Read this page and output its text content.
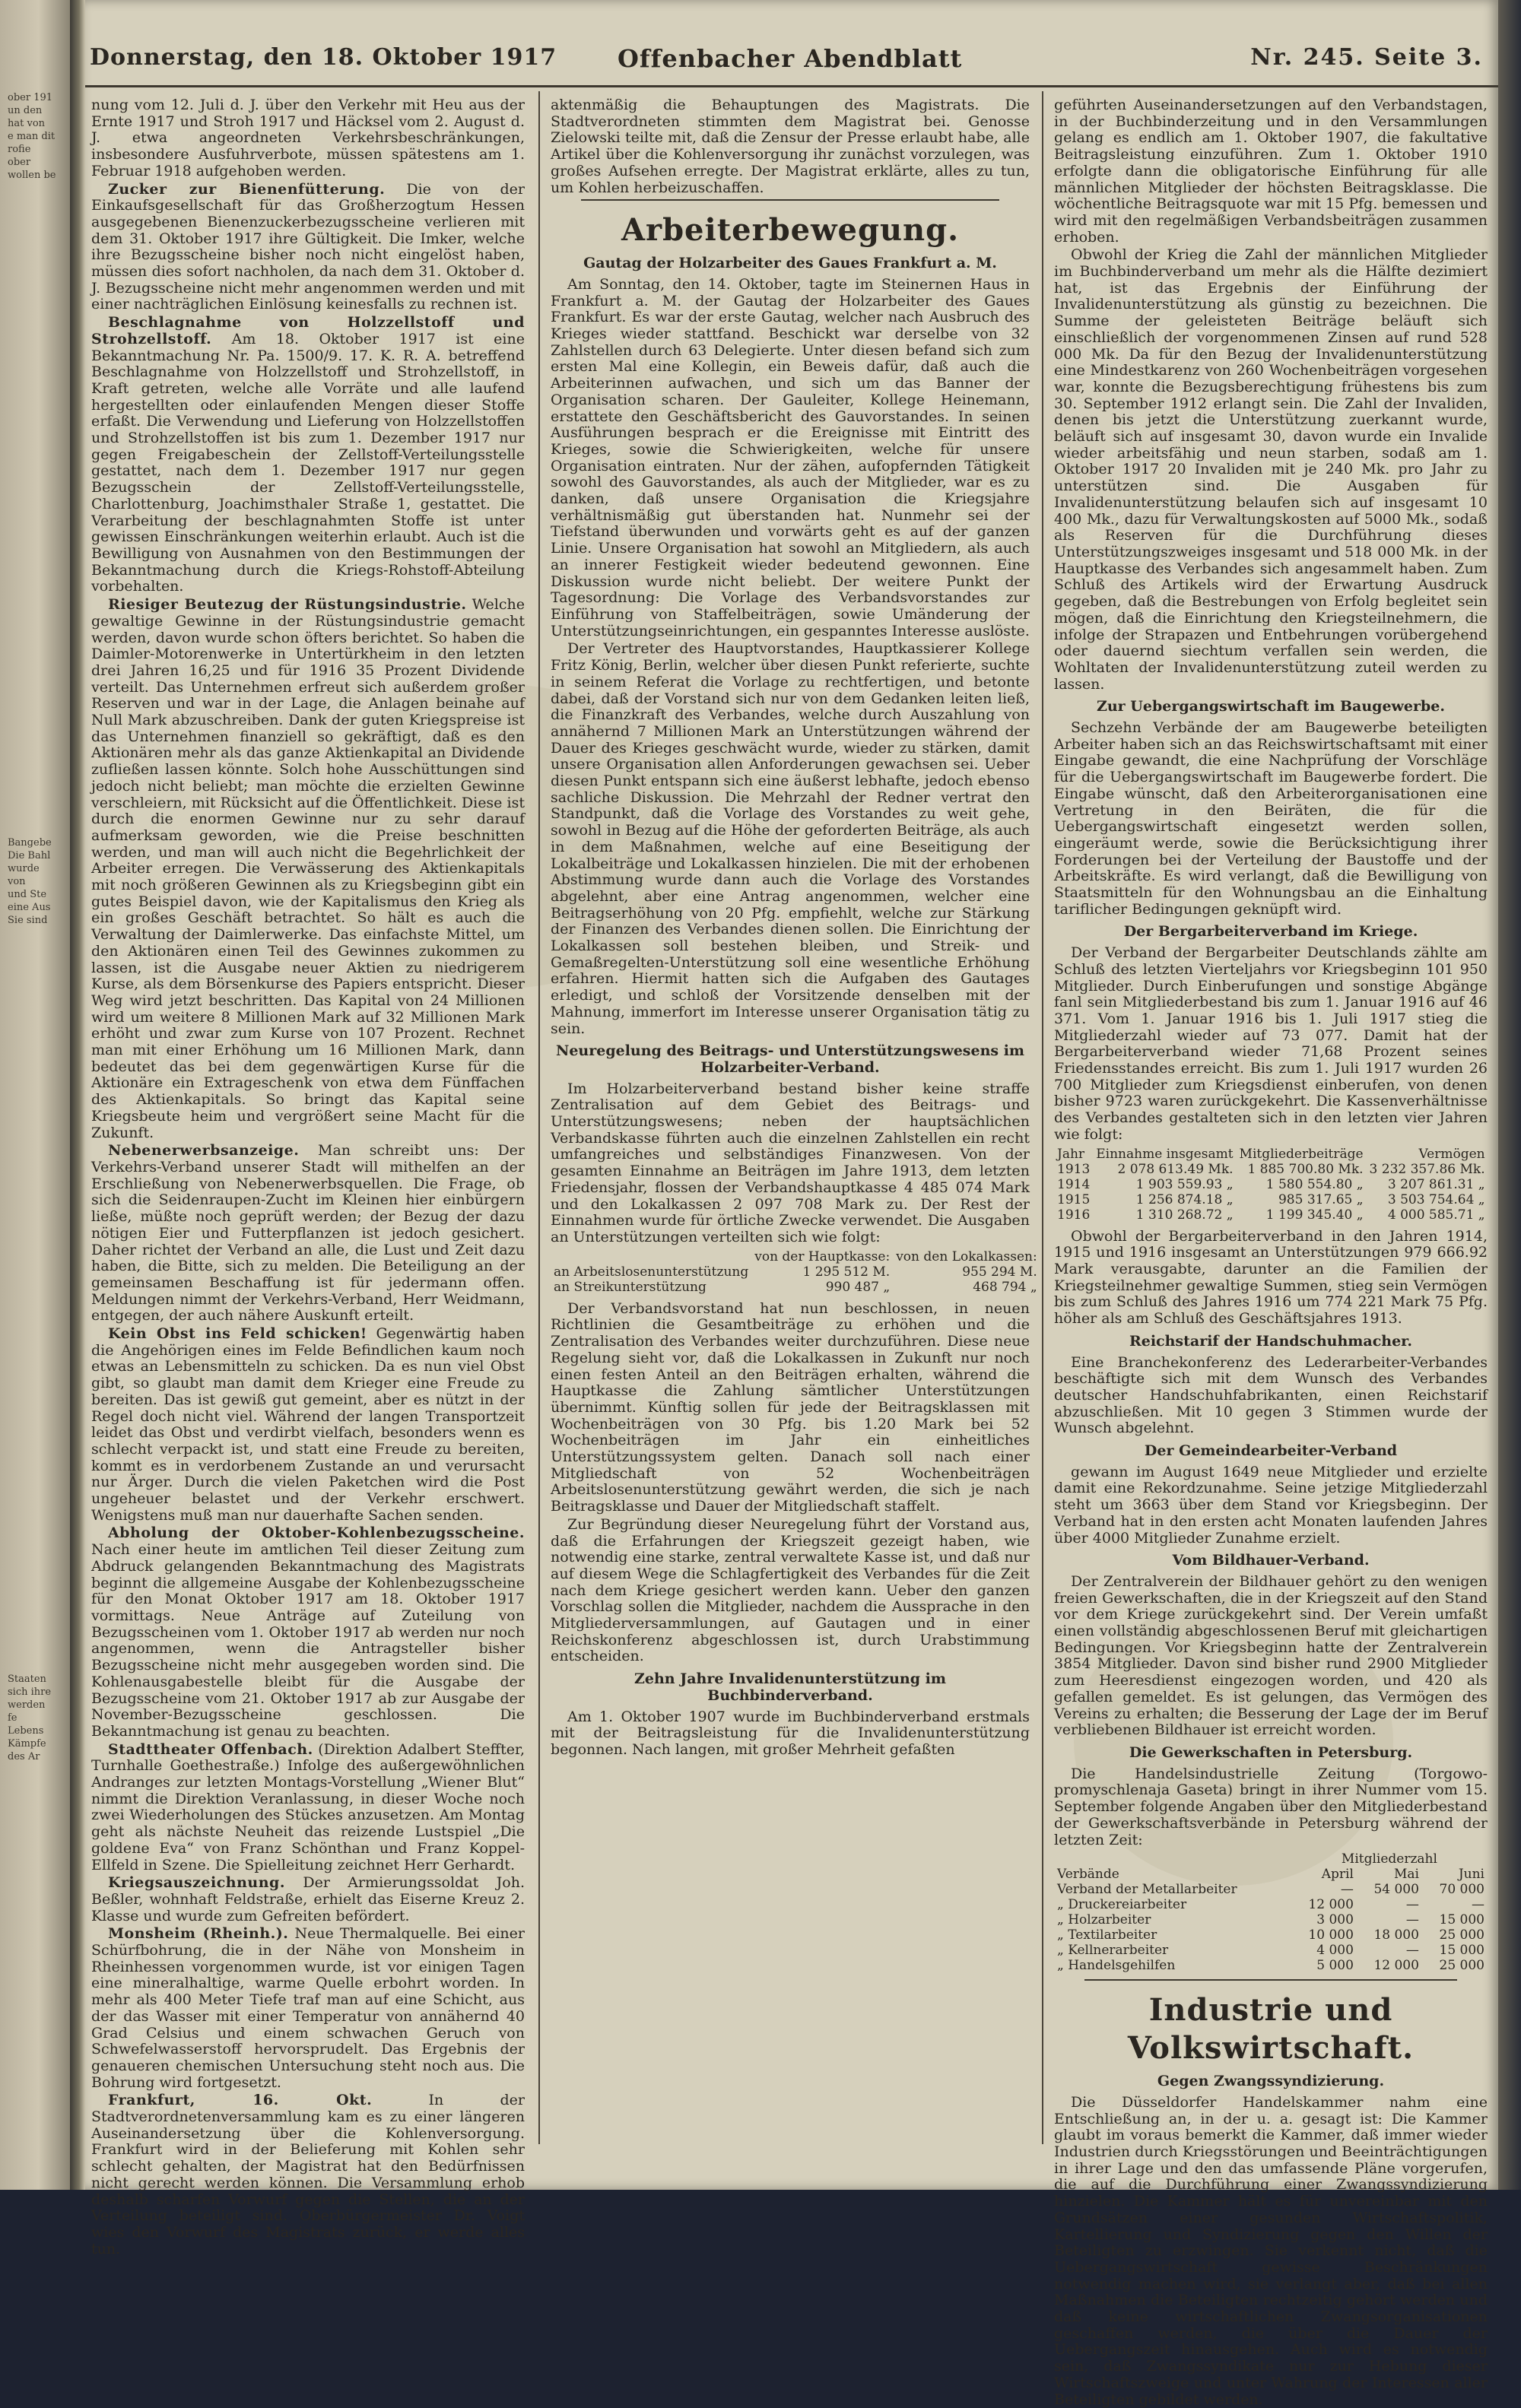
ober 191
un den
hat von
e man dit
rofie ober
wollen be
Bangebe
Die Bahl
wurde von
und Ste
eine Aus
Sie sind
Staaten
sich ihre
werden fe
Lebens
Kämpfe
des Ar
Donnerstag, den 18. Oktober 1917 Offenbacher Abendblatt	Nr. 245. Seite 3.

nung vom 12. Juli d. J. über den Verkehr mit Heu aus der Ernte 1917 und Stroh 1917 und Häcksel vom 2. August d. J. etwa angeordneten Verkehrsbeschränkungen, insbesondere Ausfuhrverbote, müssen spätestens am 1. Februar 1918 aufgehoben werden.

Zucker zur Bienenfütterung. Die von der Einkaufsgesellschaft für das Großherzogtum Hessen ausgegebenen Bienenzuckerbezugsscheine verlieren mit dem 31. Oktober 1917 ihre Gültigkeit. Die Imker, welche ihre Bezugsscheine bisher noch nicht eingelöst haben, müssen dies sofort nachholen, da nach dem 31. Oktober d. J. Bezugsscheine nicht mehr angenommen werden und mit einer nachträglichen Einlösung keinesfalls zu rechnen ist.

Beschlagnahme von Holzzellstoff und Strohzellstoff. Am 18. Oktober 1917 ist eine Bekanntmachung Nr. Pa. 1500/9. 17. K. R. A. betreffend Beschlagnahme von Holzzellstoff und Strohzellstoff, in Kraft getreten, welche alle Vorräte und alle laufend hergestellten oder einlaufenden Mengen dieser Stoffe erfaßt. Die Verwendung und Lieferung von Holzzellstoffen und Strohzellstoffen ist bis zum 1. Dezember 1917 nur gegen Freigabeschein der Zellstoff-Verteilungsstelle gestattet, nach dem 1. Dezember 1917 nur gegen Bezugsschein der Zellstoff-Verteilungsstelle, Charlottenburg, Joachimsthaler Straße 1, gestattet. Die Verarbeitung der beschlagnahmten Stoffe ist unter gewissen Einschränkungen weiterhin erlaubt. Auch ist die Bewilligung von Ausnahmen von den Bestimmungen der Bekanntmachung durch die Kriegs-Rohstoff-Abteilung vorbehalten.

Riesiger Beutezug der Rüstungsindustrie. Welche gewaltige Gewinne in der Rüstungsindustrie gemacht werden, davon wurde schon öfters berichtet. So haben die Daimler-Motorenwerke in Untertürkheim in den letzten drei Jahren 16,25 und für 1916 35 Prozent Dividende verteilt. Das Unternehmen erfreut sich außerdem großer Reserven und war in der Lage, die Anlagen beinahe auf Null Mark abzuschreiben. Dank der guten Kriegspreise ist das Unternehmen finanziell so gekräftigt, daß es den Aktionären mehr als das ganze Aktienkapital an Dividende zufließen lassen könnte. Solch hohe Ausschüttungen sind jedoch nicht beliebt; man möchte die erzielten Gewinne verschleiern, mit Rücksicht auf die Öffentlichkeit. Diese ist durch die enormen Gewinne nur zu sehr darauf aufmerksam geworden, wie die Preise beschnitten werden, und man will auch nicht die Begehrlichkeit der Arbeiter erregen. Die Verwässerung des Aktienkapitals mit noch größeren Gewinnen als zu Kriegsbeginn gibt ein gutes Beispiel davon, wie der Kapitalismus den Krieg als ein großes Geschäft betrachtet. So hält es auch die Verwaltung der Daimlerwerke. Das einfachste Mittel, um den Aktionären einen Teil des Gewinnes zukommen zu lassen, ist die Ausgabe neuer Aktien zu niedrigerem Kurse, als dem Börsenkurse des Papiers entspricht. Dieser Weg wird jetzt beschritten. Das Kapital von 24 Millionen wird um weitere 8 Millionen Mark auf 32 Millionen Mark erhöht und zwar zum Kurse von 107 Prozent. Rechnet man mit einer Erhöhung um 16 Millionen Mark, dann bedeutet das bei dem gegenwärtigen Kurse für die Aktionäre ein Extrageschenk von etwa dem Fünffachen des Aktienkapitals. So bringt das Kapital seine Kriegsbeute heim und vergrößert seine Macht für die Zukunft.

Nebenerwerbsanzeige. Man schreibt uns: Der Verkehrs-Verband unserer Stadt will mithelfen an der Erschließung von Nebenerwerbsquellen. Die Frage, ob sich die Seidenraupen-Zucht im Kleinen hier einbürgern ließe, müßte noch geprüft werden; der Bezug der dazu nötigen Eier und Futterpflanzen ist jedoch gesichert. Daher richtet der Verband an alle, die Lust und Zeit dazu haben, die Bitte, sich zu melden. Die Beteiligung an der gemeinsamen Beschaffung ist für jedermann offen. Meldungen nimmt der Verkehrs-Verband, Herr Weidmann, entgegen, der auch nähere Auskunft erteilt.

Kein Obst ins Feld schicken! Gegenwärtig haben die Angehörigen eines im Felde Befindlichen kaum noch etwas an Lebensmitteln zu schicken. Da es nun viel Obst gibt, so glaubt man damit dem Krieger eine Freude zu bereiten. Das ist gewiß gut gemeint, aber es nützt in der Regel doch nicht viel. Während der langen Transportzeit leidet das Obst und verdirbt vielfach, besonders wenn es schlecht verpackt ist, und statt eine Freude zu bereiten, kommt es in verdorbenem Zustande an und verursacht nur Ärger. Durch die vielen Paketchen wird die Post ungeheuer belastet und der Verkehr erschwert. Wenigstens muß man nur dauerhafte Sachen senden.

Abholung der Oktober-Kohlenbezugsscheine. Nach einer heute im amtlichen Teil dieser Zeitung zum Abdruck gelangenden Bekanntmachung des Magistrats beginnt die allgemeine Ausgabe der Kohlenbezugsscheine für den Monat Oktober 1917 am 18. Oktober 1917 vormittags. Neue Anträge auf Zuteilung von Bezugsscheinen vom 1. Oktober 1917 ab werden nur noch angenommen, wenn die Antragsteller bisher Bezugsscheine nicht mehr ausgegeben worden sind. Die Kohlenausgabestelle bleibt für die Ausgabe der Bezugsscheine vom 21. Oktober 1917 ab zur Ausgabe der November-Bezugsscheine geschlossen. Die Bekanntmachung ist genau zu beachten.

Stadttheater Offenbach. (Direktion Adalbert Steffter, Turnhalle Goethestraße.) Infolge des außergewöhnlichen Andranges zur letzten Montags-Vorstellung „Wiener Blut“ nimmt die Direktion Veranlassung, in dieser Woche noch zwei Wiederholungen des Stückes anzusetzen. Am Montag geht als nächste Neuheit das reizende Lustspiel „Die goldene Eva“ von Franz Schönthan und Franz Koppel-Ellfeld in Szene. Die Spielleitung zeichnet Herr Gerhardt.

Kriegsauszeichnung. Der Armierungssoldat Joh. Beßler, wohnhaft Feldstraße, erhielt das Eiserne Kreuz 2. Klasse und wurde zum Gefreiten befördert.

Monsheim (Rheinh.). Neue Thermalquelle. Bei einer Schürfbohrung, die in der Nähe von Monsheim in Rheinhessen vorgenommen wurde, ist vor einigen Tagen eine mineralhaltige, warme Quelle erbohrt worden. In mehr als 400 Meter Tiefe traf man auf eine Schicht, aus der das Wasser mit einer Temperatur von annähernd 40 Grad Celsius und einem schwachen Geruch von Schwefelwasserstoff hervorsprudelt. Das Ergebnis der genaueren chemischen Untersuchung steht noch aus. Die Bohrung wird fortgesetzt.

Frankfurt, 16. Okt.	In der Stadtverordnetenversammlung kam es zu einer längeren Auseinandersetzung über die Kohlenversorgung. Frankfurt wird in der Belieferung mit Kohlen sehr schlecht gehalten, der Magistrat hat den Bedürfnissen nicht gerecht werden können. Die Versammlung erhob deshalb scharfen Vorwurf gegen die Stellen, die an der Verteilung beteiligt sind. Oberbürgermeister Dr. Voigt wies den Vorwurf des Magistrats zurück, er werde alles tun.

aktenmäßig die Behauptungen des Magistrats. Die Stadtverordneten stimmten dem Magistrat bei. Genosse Zielowski teilte mit, daß die Zensur der Presse erlaubt habe, alle Artikel über die Kohlenversorgung ihr zunächst vorzulegen, was großes Aufsehen erregte. Der Magistrat erklärte, alles zu tun, um Kohlen herbeizuschaffen.

Arbeiterbewegung.

Gautag der Holzarbeiter des Gaues Frankfurt a. M.

Am Sonntag, den 14. Oktober, tagte im Steinernen Haus in Frankfurt a. M. der Gautag der Holzarbeiter des Gaues Frankfurt. Es war der erste Gautag, welcher nach Ausbruch des Krieges wieder stattfand. Beschickt war derselbe von 32 Zahlstellen durch 63 Delegierte. Unter diesen befand sich zum ersten Mal eine Kollegin, ein Beweis dafür, daß auch die Arbeiterinnen aufwachen, und sich um das Banner der Organisation scharen. Der Gauleiter, Kollege Heinemann, erstattete den Geschäftsbericht des Gauvorstandes. In seinen Ausführungen besprach er die Ereignisse mit Eintritt des Krieges, sowie die Schwierigkeiten, welche für unsere Organisation eintraten. Nur der zähen, aufopfernden Tätigkeit sowohl des Gauvorstandes, als auch der Mitglieder, war es zu danken, daß unsere Organisation die Kriegsjahre verhältnismäßig gut überstanden hat. Nunmehr sei der Tiefstand überwunden und vorwärts geht es auf der ganzen Linie. Unsere Organisation hat sowohl an Mitgliedern, als auch an innerer Festigkeit wieder bedeutend gewonnen. Eine Diskussion wurde nicht beliebt. Der weitere Punkt der Tagesordnung: Die Vorlage des Verbandsvorstandes zur Einführung von Staffelbeiträgen, sowie Umänderung der Unterstützungseinrichtungen, ein gespanntes Interesse auslöste.

Der Vertreter des Hauptvorstandes, Hauptkassierer Kollege Fritz König, Berlin, welcher über diesen Punkt referierte, suchte in seinem Referat die Vorlage zu rechtfertigen, und betonte dabei, daß der Vorstand sich nur von dem Gedanken leiten ließ, die Finanzkraft des Verbandes, welche durch Auszahlung von annähernd 7 Millionen Mark an Unterstützungen während der Dauer des Krieges geschwächt wurde, wieder zu stärken, damit unsere Organisation allen Anforderungen gewachsen sei. Ueber diesen Punkt entspann sich eine äußerst lebhafte, jedoch ebenso sachliche Diskussion. Die Mehrzahl der Redner vertrat den Standpunkt, daß die Vorlage des Vorstandes zu weit gehe, sowohl in Bezug auf die Höhe der geforderten Beiträge, als auch in dem Maßnahmen, welche auf eine Beseitigung der Lokalbeiträge und Lokalkassen hinzielen. Die mit der erhobenen Abstimmung wurde dann auch die Vorlage des Vorstandes abgelehnt, aber eine Antrag angenommen, welcher eine Beitragserhöhung von 20 Pfg. empfiehlt, welche zur Stärkung der Finanzen des Verbandes dienen sollen. Die Einrichtung der Lokalkassen soll bestehen bleiben, und Streik- und Gemaßregelten-Unterstützung soll eine wesentliche Erhöhung erfahren. Hiermit hatten sich die Aufgaben des Gautages erledigt, und schloß der Vorsitzende denselben mit der Mahnung, immerfort im Interesse unserer Organisation tätig zu sein.

Neuregelung des Beitrags- und Unterstützungswesens im Holzarbeiter-Verband.

Im Holzarbeiterverband bestand bisher keine straffe Zentralisation auf dem Gebiet des Beitrags- und Unterstützungswesens; neben der hauptsächlichen Verbandskasse führten auch die einzelnen Zahlstellen ein recht umfangreiches und selbständiges Finanzwesen. Von der gesamten Einnahme an Beiträgen im Jahre 1913, dem letzten Friedensjahr, flossen der Verbandshauptkasse 4 485 074 Mark und den Lokalkassen 2 097 708 Mark zu. Der Rest der Einnahmen wurde für örtliche Zwecke verwendet. Die Ausgaben an Unterstützungen verteilten sich wie folgt:

	von der Hauptkasse:	von den Lokalkassen:
an Arbeitslosenunterstützung	1 295 512 M.	955 294 M.
an Streikunterstützung	990 487 „	468 794 „

Der Verbandsvorstand hat nun beschlossen, in neuen Richtlinien die Gesamtbeiträge zu erhöhen und die Zentralisation des Verbandes weiter durchzuführen. Diese neue Regelung sieht vor, daß die Lokalkassen in Zukunft nur noch einen festen Anteil an den Beiträgen erhalten, während die Hauptkasse die Zahlung sämtlicher Unterstützungen übernimmt. Künftig sollen für jede der Beitragsklassen mit Wochenbeiträgen von 30 Pfg. bis 1.20 Mark bei 52 Wochenbeiträgen im Jahr ein einheitliches Unterstützungssystem gelten. Danach soll nach einer Mitgliedschaft von 52 Wochenbeiträgen Arbeitslosenunterstützung gewährt werden, die sich je nach Beitragsklasse und Dauer der Mitgliedschaft staffelt.

Zur Begründung dieser Neuregelung führt der Vorstand aus, daß die Erfahrungen der Kriegszeit gezeigt haben, wie notwendig eine starke, zentral verwaltete Kasse ist, und daß nur auf diesem Wege die Schlagfertigkeit des Verbandes für die Zeit nach dem Kriege gesichert werden kann. Ueber den ganzen Vorschlag sollen die Mitglieder, nachdem die Aussprache in den Mitgliederversammlungen, auf Gautagen und in einer Reichskonferenz abgeschlossen ist, durch Urabstimmung entscheiden.

Zehn Jahre Invalidenunterstützung im Buchbinderverband.

Am 1. Oktober 1907 wurde im Buchbinderverband erstmals mit der Beitragsleistung für die Invalidenunterstützung begonnen. Nach langen, mit großer Mehrheit gefaßten

geführten Auseinandersetzungen auf den Verbandstagen, in der Buchbinderzeitung und in den Versammlungen gelang es endlich am 1. Oktober 1907, die fakultative Beitragsleistung einzuführen. Zum 1. Oktober 1910 erfolgte dann die obligatorische Einführung für alle männlichen Mitglieder der höchsten Beitragsklasse. Die wöchentliche Beitragsquote war mit 15 Pfg. bemessen und wird mit den regelmäßigen Verbandsbeiträgen zusammen erhoben.

Obwohl der Krieg die Zahl der männlichen Mitglieder im Buchbinderverband um mehr als die Hälfte dezimiert hat, ist das Ergebnis der Einführung der Invalidenunterstützung als günstig zu bezeichnen. Die Summe der geleisteten Beiträge beläuft sich einschließlich der vorgenommenen Zinsen auf rund 528 000 Mk. Da für den Bezug der Invalidenunterstützung eine Mindestkarenz von 260 Wochenbeiträgen vorgesehen war, konnte die Bezugsberechtigung frühestens bis zum 30. September 1912 erlangt sein. Die Zahl der Invaliden, denen bis jetzt die Unterstützung zuerkannt wurde, beläuft sich auf insgesamt 30, davon wurde ein Invalide wieder arbeitsfähig und neun starben, sodaß am 1. Oktober 1917 20 Invaliden mit je 240 Mk. pro Jahr zu unterstützen sind. Die Ausgaben für Invalidenunterstützung belaufen sich auf insgesamt 10 400 Mk., dazu für Verwaltungskosten auf 5000 Mk., sodaß als Reserven für die Durchführung dieses Unterstützungszweiges insgesamt und 518 000 Mk. in der Hauptkasse des Verbandes sich angesammelt haben. Zum Schluß des Artikels wird der Erwartung Ausdruck gegeben, daß die Bestrebungen von Erfolg begleitet sein mögen, daß die Einrichtung den Kriegsteilnehmern, die infolge der Strapazen und Entbehrungen vorübergehend oder dauernd siechtum verfallen sein werden, die Wohltaten der Invalidenunterstützung zuteil werden zu lassen.

Zur Uebergangswirtschaft im Baugewerbe.

Sechzehn Verbände der am Baugewerbe beteiligten Arbeiter haben sich an das Reichswirtschaftsamt mit einer Eingabe gewandt, die eine Nachprüfung der Vorschläge für die Uebergangswirtschaft im Baugewerbe fordert. Die Eingabe wünscht, daß den Arbeiterorganisationen eine Vertretung in den Beiräten, die für die Uebergangswirtschaft eingesetzt werden sollen, eingeräumt werde, sowie die Berücksichtigung ihrer Forderungen bei der Verteilung der Baustoffe und der Arbeitskräfte. Es wird verlangt, daß die Bewilligung von Staatsmitteln für den Wohnungsbau an die Einhaltung tariflicher Bedingungen geknüpft wird.

Der Bergarbeiterverband im Kriege.

Der Verband der Bergarbeiter Deutschlands zählte am Schluß des letzten Vierteljahrs vor Kriegsbeginn 101 950 Mitglieder. Durch Einberufungen und sonstige Abgänge fanl sein Mitgliederbestand bis zum 1. Januar 1916 auf 46 371. Vom 1. Januar 1916 bis 1. Juli 1917 stieg die Mitgliederzahl wieder auf 73 077. Damit hat der Bergarbeiterverband wieder 71,68 Prozent seines Friedensstandes erreicht. Bis zum 1. Juli 1917 wurden 26 700 Mitglieder zum Kriegsdienst einberufen, von denen bisher 9723 waren zurückgekehrt. Die Kassenverhältnisse des Verbandes gestalteten sich in den letzten vier Jahren wie folgt:

Jahr	Einnahme insgesamt	Mitgliederbeiträge	Vermögen
1913	2 078 613.49 Mk.	1 885 700.80 Mk.	3 232 357.86 Mk.
1914	1 903 559.93 „	1 580 554.80 „	3 207 861.31 „
1915	1 256 874.18 „	985 317.65 „	3 503 754.64 „
1916	1 310 268.72 „	1 199 345.40 „	4 000 585.71 „

Obwohl der Bergarbeiterverband in den Jahren 1914, 1915 und 1916 insgesamt an Unterstützungen 979 666.92 Mark verausgabte, darunter an die Familien der Kriegsteilnehmer gewaltige Summen, stieg sein Vermögen bis zum Schluß des Jahres 1916 um 774 221 Mark 75 Pfg. höher als am Schluß des Geschäftsjahres 1913.

Reichstarif der Handschuhmacher.

Eine Branchekonferenz des Lederarbeiter-Verbandes beschäftigte sich mit dem Wunsch des Verbandes deutscher Handschuhfabrikanten, einen Reichstarif abzuschließen. Mit 10 gegen 3 Stimmen wurde der Wunsch abgelehnt.

Der Gemeindearbeiter-Verband

gewann im August 1649 neue Mitglieder und erzielte damit eine Rekordzunahme. Seine jetzige Mitgliederzahl steht um 3663 über dem Stand vor Kriegsbeginn. Der Verband hat in den ersten acht Monaten laufenden Jahres über 4000 Mitglieder Zunahme erzielt.

Vom Bildhauer-Verband.

Der Zentralverein der Bildhauer gehört zu den wenigen freien Gewerkschaften, die in der Kriegszeit auf den Stand vor dem Kriege zurückgekehrt sind. Der Verein umfaßt einen vollständig abgeschlossenen Beruf mit gleichartigen Bedingungen. Vor Kriegsbeginn hatte der Zentralverein 3854 Mitglieder. Davon sind bisher rund 2900 Mitglieder zum Heeresdienst eingezogen worden, und 420 als gefallen gemeldet. Es ist gelungen, das Vermögen des Vereins zu erhalten; die Besserung der Lage der im Beruf verbliebenen Bildhauer ist erreicht worden.

Die Gewerkschaften in Petersburg.

Die Handelsindustrielle Zeitung (Torgowo-promyschlenaja Gaseta) bringt in ihrer Nummer vom 15. September folgende Angaben über den Mitgliederbestand der Gewerkschaftsverbände in Petersburg während der letzten Zeit:

	Mitgliederzahl		
Verbände	April	Mai	Juni
Verband der Metallarbeiter	—	54 000	70 000
„ Druckereiarbeiter	12 000	—	—
„ Holzarbeiter	3 000	—	15 000
„ Textilarbeiter	10 000	18 000	25 000
„ Kellnerarbeiter	4 000	—	15 000
„ Handelsgehilfen	5 000	12 000	25 000

Industrie und Volkswirtschaft.

Gegen Zwangssyndizierung.

Die Düsseldorfer Handelskammer nahm eine Entschließung an, in der u. a. gesagt ist: Die Kammer glaubt im voraus bemerkt die Kammer, daß immer wieder Industrien durch Kriegsstörungen und Beeinträchtigungen in ihrer Lage und den das umfassende Pläne vorgerufen, die auf die Durchführung einer Zwangssyndizierung hinzielen. Die Kammer hält es für unvereinbar mit den Grundsätzen einer gesunden Wirtschaftspolitik, Kartellierung und Syndizierung gegen den Willen der Beteiligten zu erzwingen. Sie verkennt nicht, daß die Uebergangswirtschaft gewisse Beschränkungen notwendig machen wird, sie verlangt aber, daß bei allen Maßnahmen die Beteiligten rechtzeitig gehört werden und daß keine wirtschaftlichen Zwangsorganisationen geschaffen werden, die über die Dauer der Uebergangszeit hinausgehen. Auch wird es notwendig sein, daß Zwangssyndikate nur zur Hebung dieser Wirtschaftszweige und unter Wahrung der Interessen aller Beteiligten gebildet werden.
